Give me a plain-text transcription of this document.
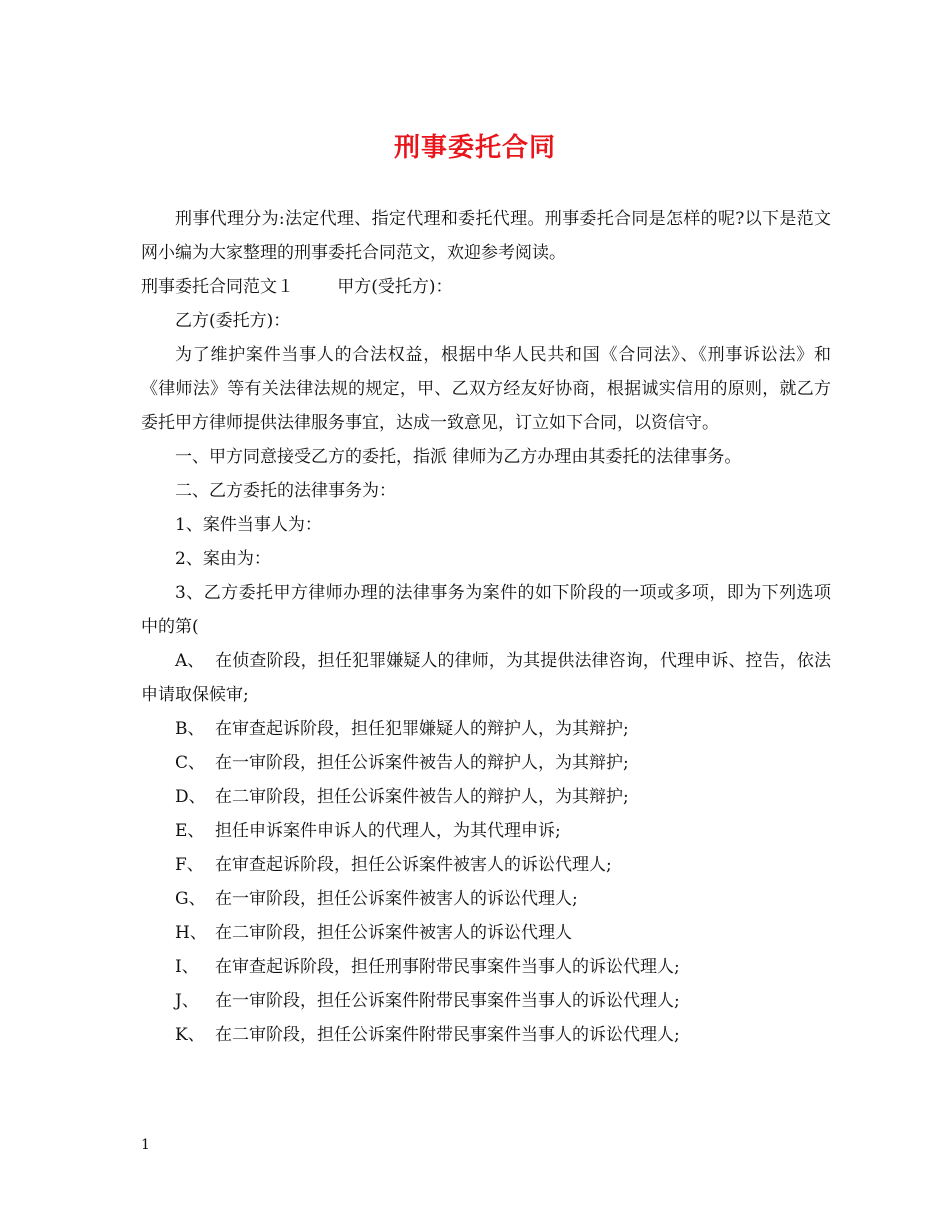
刑事委托合同

刑事代理分为:法定代理、指定代理和委托代理。刑事委托合同是怎样的呢?以下是范文网小编为大家整理的刑事委托合同范文，欢迎参考阅读。

刑事委托合同范文１	甲方(受托方)：

乙方(委托方)：

为了维护案件当事人的合法权益，根据中华人民共和国《合同法》、《刑事诉讼法》和《律师法》等有关法律法规的规定，甲、乙双方经友好协商，根据诚实信用的原则，就乙方委托甲方律师提供法律服务事宜，达成一致意见，订立如下合同，以资信守。

一、甲方同意接受乙方的委托，指派 律师为乙方办理由其委托的法律事务。

二、乙方委托的法律事务为：

1、案件当事人为：

2、案由为：

3、乙方委托甲方律师办理的法律事务为案件的如下阶段的一项或多项，即为下列选项中的第(

A、 在侦查阶段，担任犯罪嫌疑人的律师，为其提供法律咨询，代理申诉、控告，依法申请取保候审;

B、 在审查起诉阶段，担任犯罪嫌疑人的辩护人，为其辩护;

C、 在一审阶段，担任公诉案件被告人的辩护人，为其辩护;

D、 在二审阶段，担任公诉案件被告人的辩护人，为其辩护;

E、 担任申诉案件申诉人的代理人，为其代理申诉;

F、 在审查起诉阶段，担任公诉案件被害人的诉讼代理人;

G、 在一审阶段，担任公诉案件被害人的诉讼代理人;

H、 在二审阶段，担任公诉案件被害人的诉讼代理人

I、 在审查起诉阶段，担任刑事附带民事案件当事人的诉讼代理人;

J、 在一审阶段，担任公诉案件附带民事案件当事人的诉讼代理人;

K、 在二审阶段，担任公诉案件附带民事案件当事人的诉讼代理人;

1
